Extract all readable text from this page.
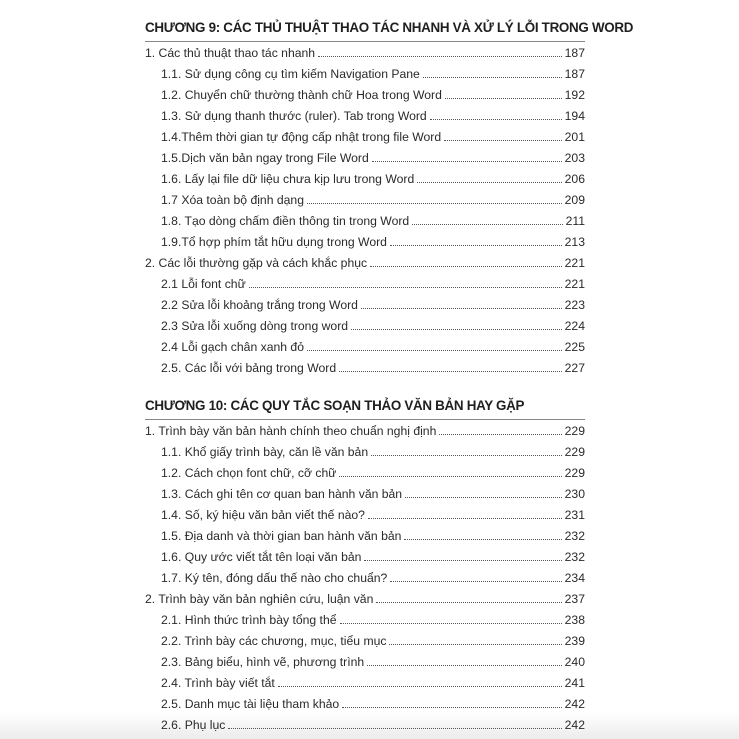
CHƯƠNG 9: CÁC THỦ THUẬT THAO TÁC NHANH VÀ XỬ LÝ LỖI TRONG WORD
1. Các thủ thuật thao tác nhanh	187
1.1. Sử dụng công cụ tìm kiếm Navigation Pane	187
1.2. Chuyển chữ thường thành chữ Hoa trong Word	192
1.3. Sử dụng thanh thước (ruler). Tab trong Word	194
1.4.Thêm thời gian tự động cấp nhật trong file Word	201
1.5.Dịch văn bản ngay trong File Word	203
1.6. Lấy lại file dữ liệu chưa kịp lưu trong Word	206
1.7 Xóa toàn bộ định dạng	209
1.8. Tạo dòng chấm điền thông tin trong Word	211
1.9.Tổ hợp phím tắt hữu dụng trong Word	213
2. Các lỗi thường gặp và cách khắc phục	221
2.1 Lỗi font chữ	221
2.2 Sửa lỗi khoảng trắng trong Word	223
2.3 Sửa lỗi xuống dòng trong word	224
2.4 Lỗi gạch chân xanh đỏ	225
2.5. Các lỗi với bảng trong Word	227
CHƯƠNG 10: CÁC QUY TẮC SOẠN THẢO VĂN BẢN HAY GẶP
1. Trình bày văn bản hành chính theo chuẩn nghị định	229
1.1. Khổ giấy trình bày, căn lề văn bản	229
1.2. Cách chọn font chữ, cỡ chữ	229
1.3. Cách ghi tên cơ quan ban hành văn bản	230
1.4. Số, ký hiệu văn bản viết thế nào?	231
1.5. Địa danh và thời gian ban hành văn bản	232
1.6. Quy ước viết tắt tên loại văn bản	232
1.7. Ký tên, đóng dấu thế nào cho chuẩn?	234
2. Trình bày văn bản nghiên cứu, luận văn	237
2.1. Hình thức trình bày tổng thể	238
2.2. Trình bày các chương, mục, tiểu mục	239
2.3. Bảng biểu, hình vẽ, phương trình	240
2.4. Trình bày viết tắt	241
2.5. Danh mục tài liệu tham khảo	242
2.6. Phụ lục	242
